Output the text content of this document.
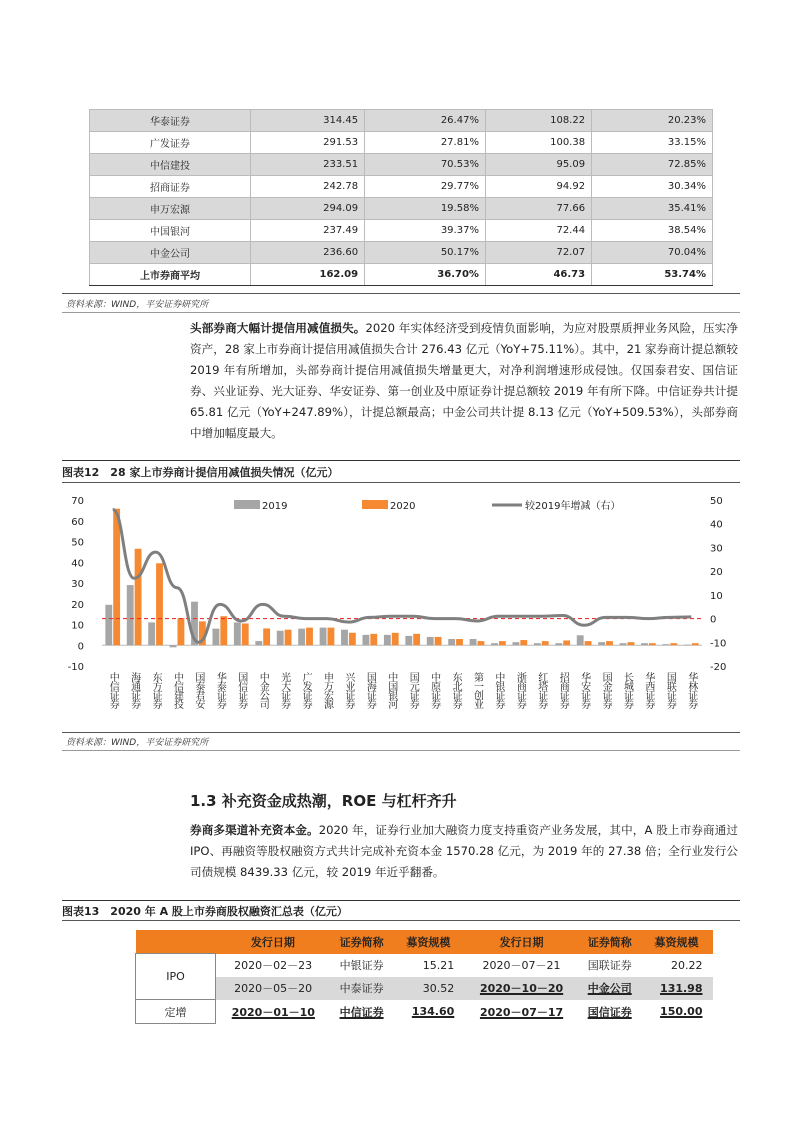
华泰证券	314.45	26.47%	108.22	20.23%
广发证券	291.53	27.81%	100.38	33.15%
中信建投	233.51	70.53%	95.09	72.85%
招商证券	242.78	29.77%	94.92	30.34%
申万宏源	294.09	19.58%	77.66	35.41%
中国银河	237.49	39.37%	72.44	38.54%
中金公司	236.60	50.17%	72.07	70.04%
上市券商平均	162.09	36.70%	46.73	53.74%
资料来源：WIND，平安证券研究所
头部券商大幅计提信用减值损失。2020 年实体经济受到疫情负面影响，为应对股票质押业务风险，压实净资产，28 家上市券商计提信用减值损失合计 276.43 亿元（YoY+75.11%）。其中，21 家券商计提总额较 2019 年有所增加，头部券商计提信用减值损失增量更大，对净利润增速形成侵蚀。仅国泰君安、国信证券、兴业证券、光大证券、华安证券、第一创业及中原证券计提总额较 2019 年有所下降。中信证券共计提 65.81 亿元（YoY+247.89%），计提总额最高；中金公司共计提 8.13 亿元（YoY+509.53%），头部券商中增加幅度最大。
图表12　28 家上市券商计提信用减值损失情况（亿元）
-10
0
10
20
30
40
50
60
70
-20
-10
0
10
20
30
40
50
中信证券 海通证券 东方证券 中信建投 国泰君安 华泰证券 国信证券 中金公司 光大证券 广发证券 申万宏源 兴业证券 国海证券 中国银河 国元证券 中原证券 东北证券 第一创业 中银证券 浙商证券 红塔证券 招商证券 华安证券 国金证券 长城证券 华西证券 国联证券 华林证券
2019	2020	较2019年增减（右）
资料来源：WIND，平安证券研究所
1.3 补充资金成热潮，ROE 与杠杆齐升
券商多渠道补充资本金。2020 年，证券行业加大融资力度支持重资产业务发展，其中，A 股上市券商通过 IPO、再融资等股权融资方式共计完成补充资本金 1570.28 亿元，为 2019 年的 27.38 倍；全行业发行公司债规模 8439.33 亿元，较 2019 年近乎翻番。
图表13　2020 年 A 股上市券商股权融资汇总表（亿元）
	发行日期	证券简称	募资规模	发行日期	证券简称	募资规模
IPO	2020－02－23	中银证券	15.21	2020－07－21	国联证券	20.22
	2020－05－20	中泰证券	30.52	2020－10－20	中金公司	131.98
定增	2020－01－10	中信证券	134.60	2020－07－17	国信证券	150.00
